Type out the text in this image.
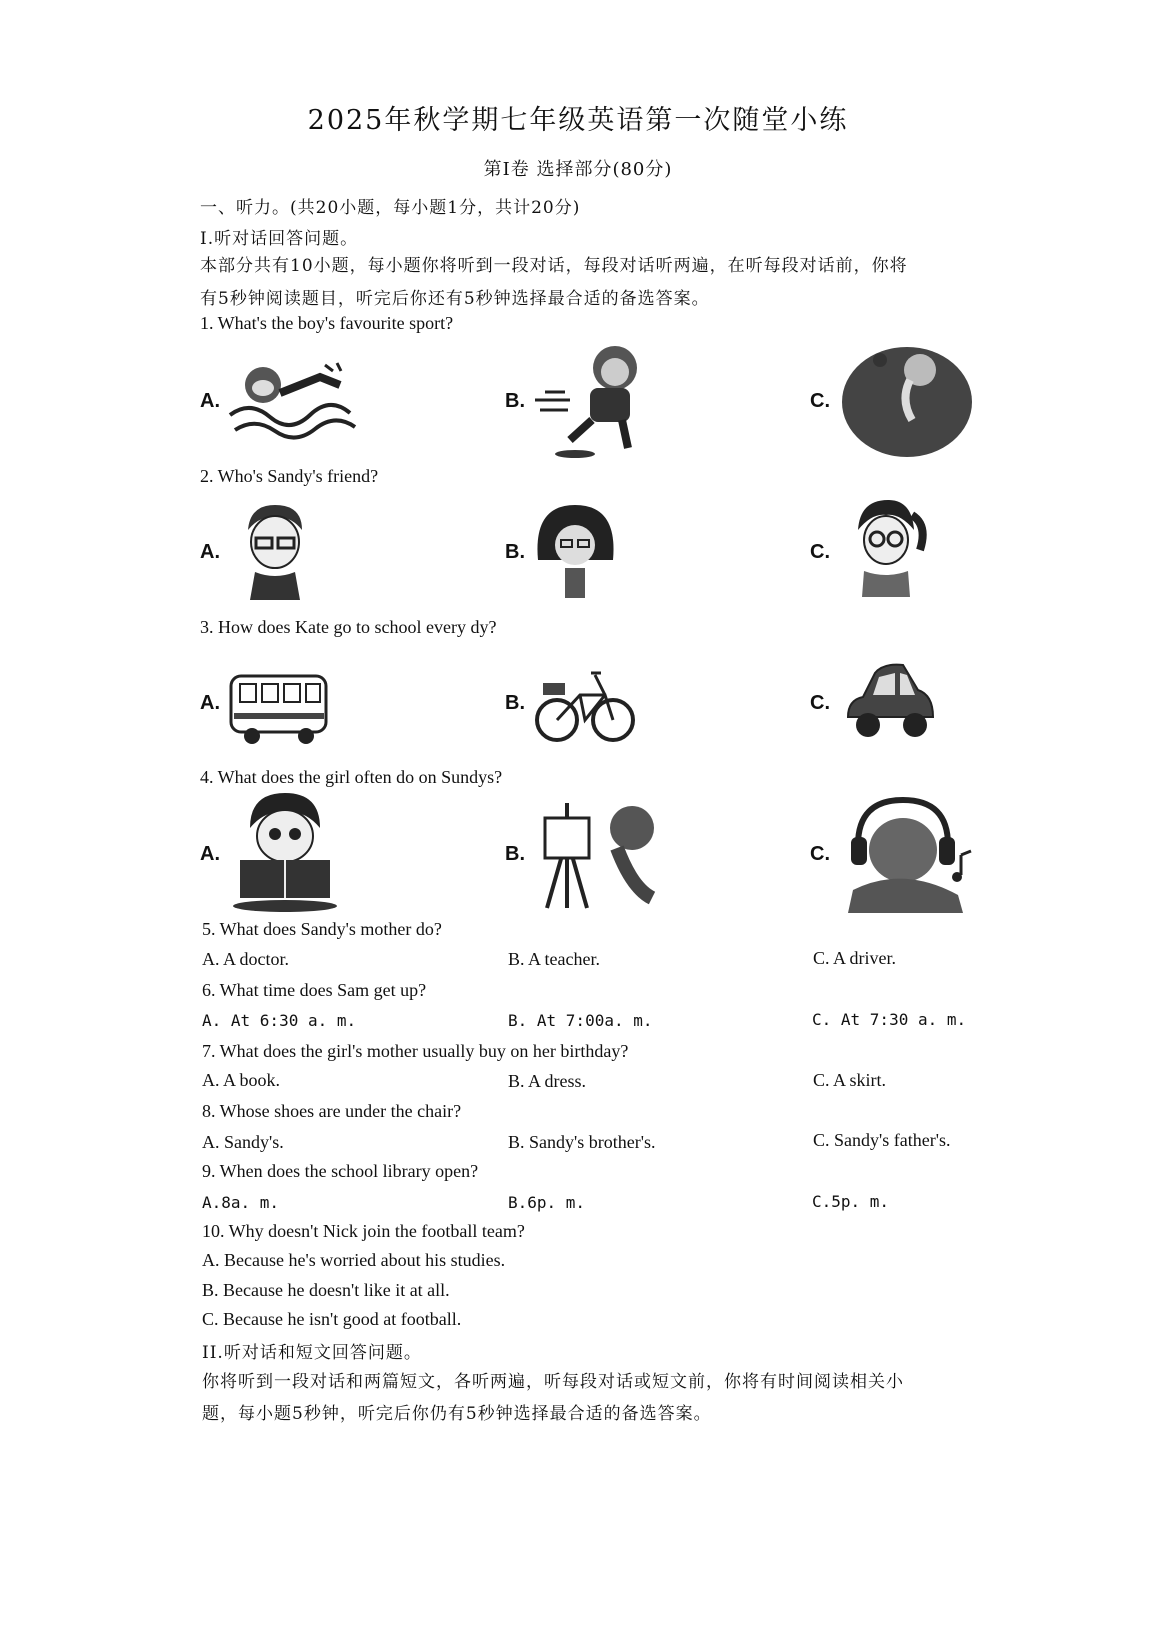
2025年秋学期七年级英语第一次随堂小练
第Ⅰ卷 选择部分(80分)
一、听力。(共20小题，每小题1分，共计20分)
I.听对话回答问题。
本部分共有10小题，每小题你将听到一段对话，每段对话听两遍，在听每段对话前，你将
有5秒钟阅读题目，听完后你还有5秒钟选择最合适的备选答案。
1. What's the boy's favourite sport?
A.	B.	C.
2. Who's Sandy's friend?
A.	B.	C.
3. How does Kate go to school every dy?
A.	B.	C.
4. What does the girl often do on Sundys?
A.	B.	C.
5. What does Sandy's mother do?
A. A doctor.	B. A teacher.	C. A driver.
6. What time does Sam get up?
A. At 6:30 a. m.	B. At 7:00a. m.	C. At 7:30 a. m.
7. What does the girl's mother usually buy on her birthday?
A. A book.	B. A dress.	C. A skirt.
8. Whose shoes are under the chair?
A. Sandy's.	B. Sandy's brother's.	C. Sandy's father's.
9. When does the school library open?
A.8a. m.	B.6p. m.	C.5p. m.
10. Why doesn't Nick join the football team?
A. Because he's worried about his studies.
B. Because he doesn't like it at all.
C. Because he isn't good at football.
II.听对话和短文回答问题。
你将听到一段对话和两篇短文，各听两遍，听每段对话或短文前，你将有时间阅读相关小
题，每小题5秒钟，听完后你仍有5秒钟选择最合适的备选答案。
